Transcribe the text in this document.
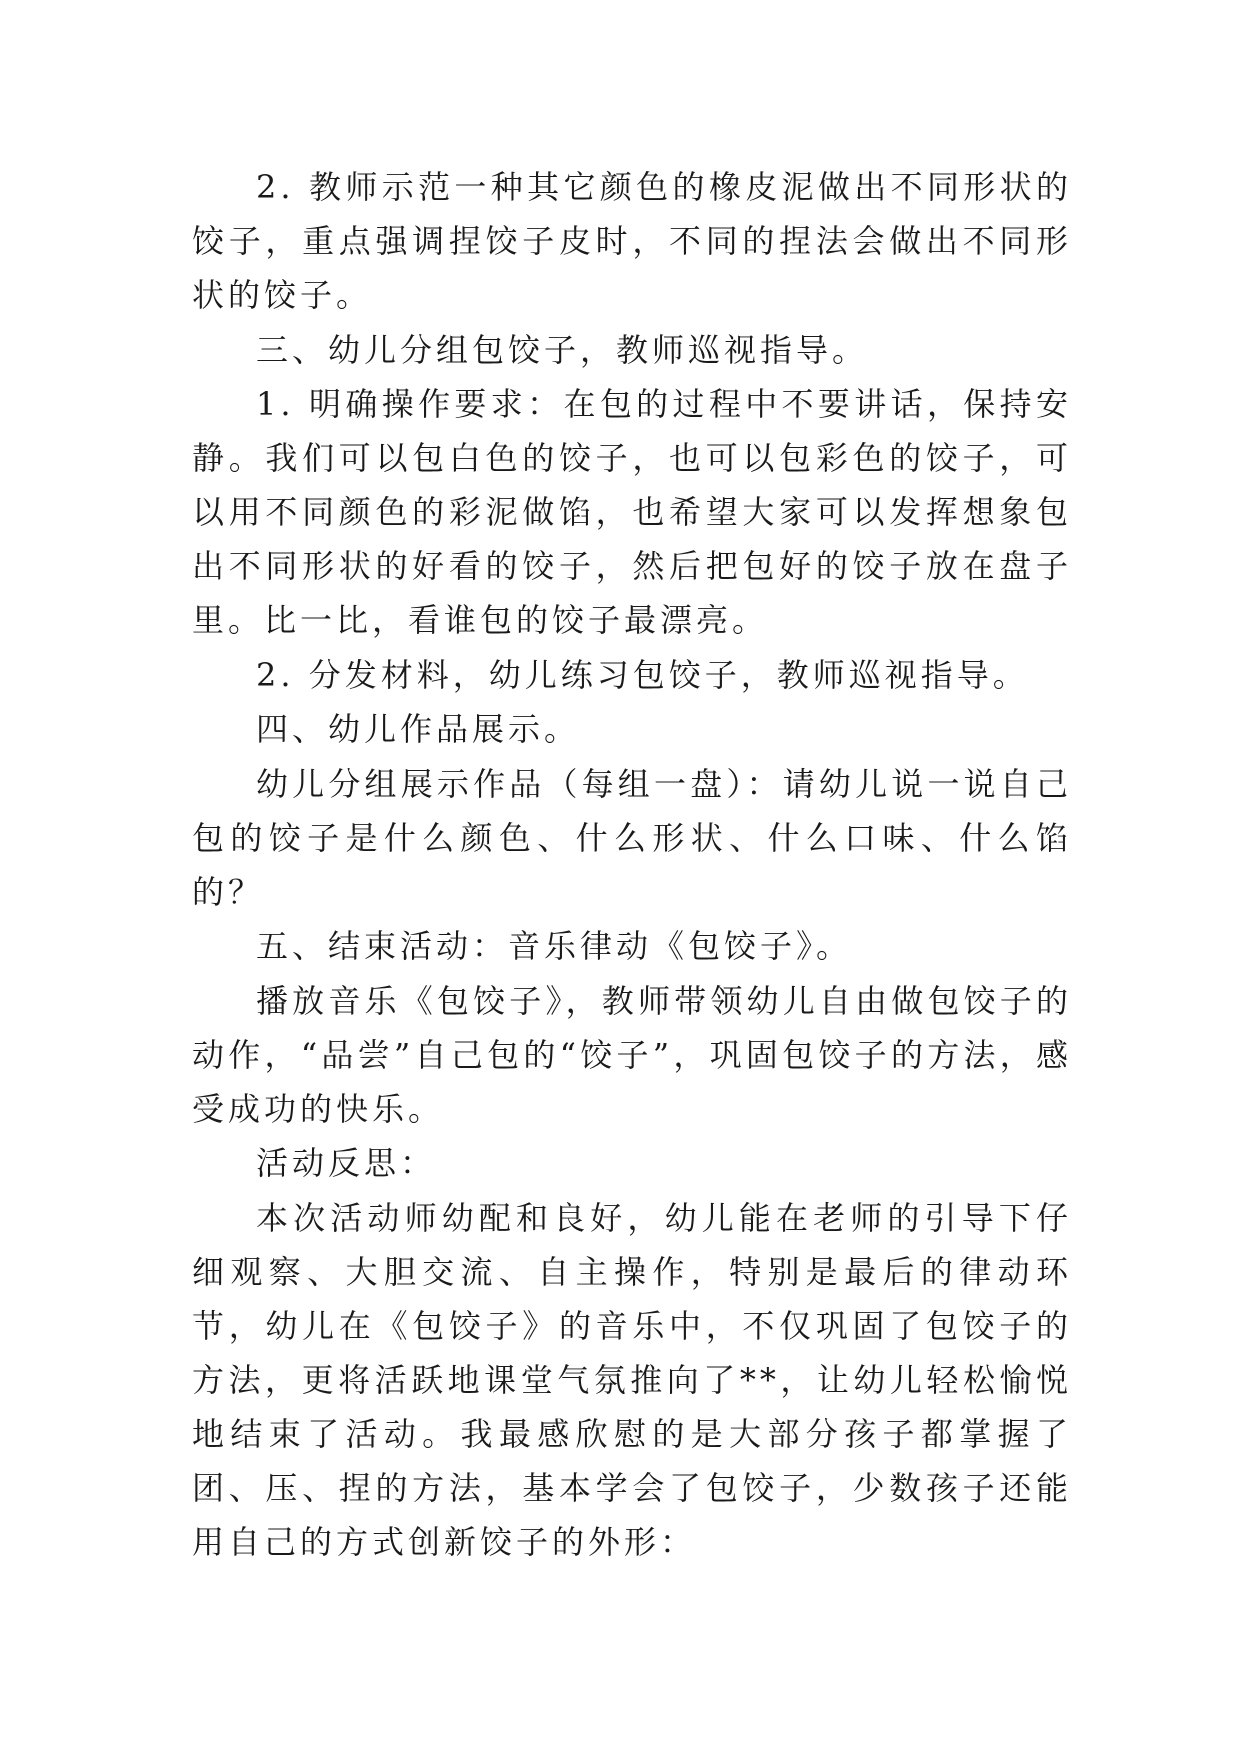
2. 教师示范一种其它颜色的橡皮泥做出不同形状的饺子，重点强调捏饺子皮时，不同的捏法会做出不同形状的饺子。

三、幼儿分组包饺子，教师巡视指导。

1. 明确操作要求：在包的过程中不要讲话，保持安静。我们可以包白色的饺子，也可以包彩色的饺子，可以用不同颜色的彩泥做馅，也希望大家可以发挥想象包出不同形状的好看的饺子，然后把包好的饺子放在盘子里。比一比，看谁包的饺子最漂亮。

2. 分发材料，幼儿练习包饺子，教师巡视指导。

四、幼儿作品展示。

幼儿分组展示作品（每组一盘）：请幼儿说一说自己包的饺子是什么颜色、什么形状、什么口味、什么馅的？

五、结束活动：音乐律动《包饺子》。

播放音乐《包饺子》，教师带领幼儿自由做包饺子的动作，“品尝”自己包的“饺子”，巩固包饺子的方法，感受成功的快乐。

活动反思：

本次活动师幼配和良好，幼儿能在老师的引导下仔细观察、大胆交流、自主操作，特别是最后的律动环节，幼儿在《包饺子》的音乐中，不仅巩固了包饺子的方法，更将活跃地课堂气氛推向了**，让幼儿轻松愉悦地结束了活动。我最感欣慰的是大部分孩子都掌握了团、压、捏的方法，基本学会了包饺子，少数孩子还能用自己的方式创新饺子的外形：
